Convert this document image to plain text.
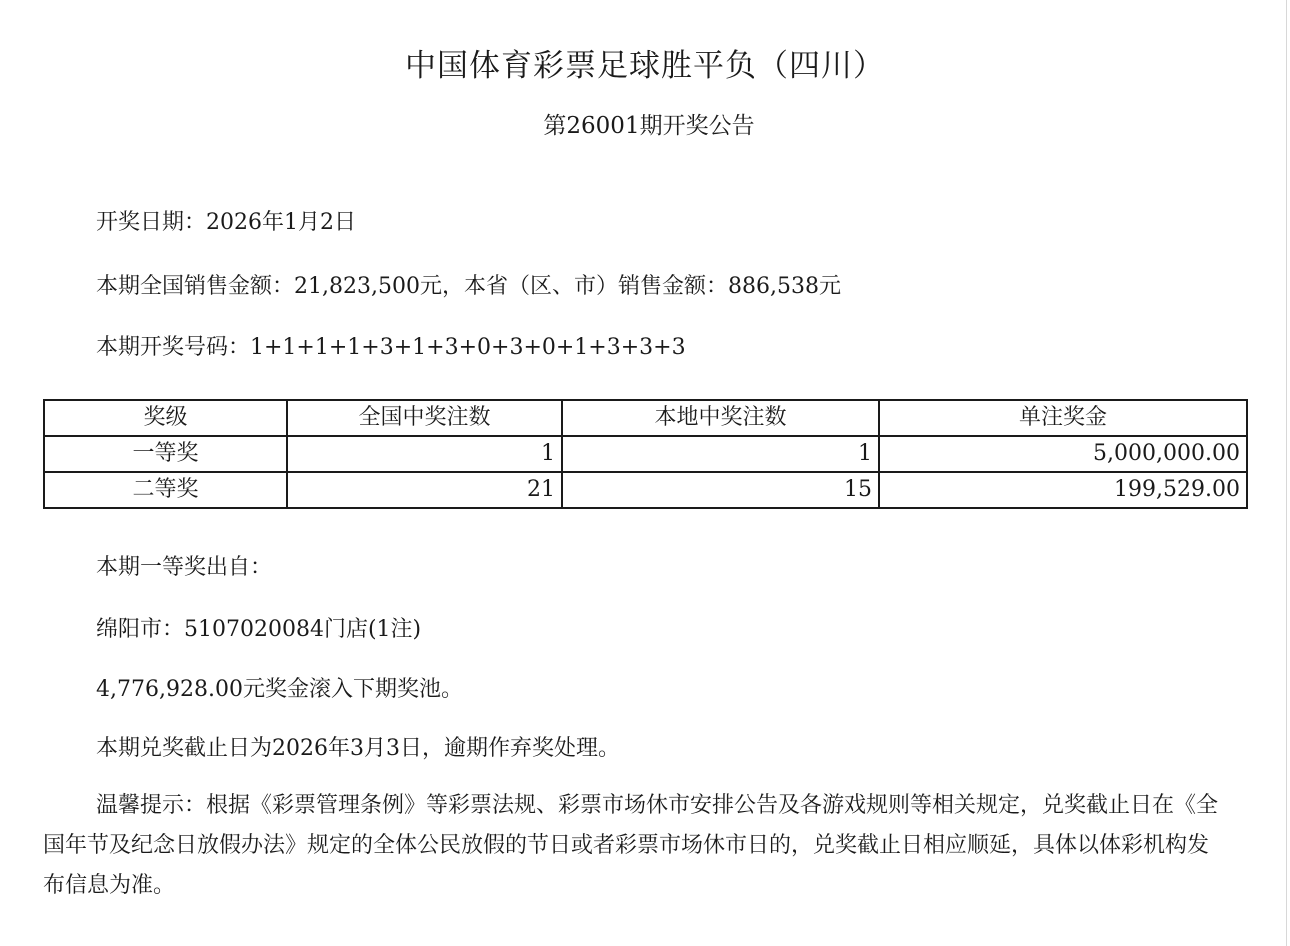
中国体育彩票足球胜平负（四川）
第26001期开奖公告
开奖日期：2026年1月2日
本期全国销售金额：21,823,500元，本省（区、市）销售金额：886,538元
本期开奖号码：1+1+1+1+3+1+3+0+3+0+1+3+3+3
奖级	全国中奖注数	本地中奖注数	单注奖金
一等奖	1	1	5,000,000.00
二等奖	21	15	199,529.00
本期一等奖出自：
绵阳市：5107020084门店(1注)
4,776,928.00元奖金滚入下期奖池。
本期兑奖截止日为2026年3月3日，逾期作弃奖处理。
温馨提示：根据《彩票管理条例》等彩票法规、彩票市场休市安排公告及各游戏规则等相关规定，兑奖截止日在《全国年节及纪念日放假办法》规定的全体公民放假的节日或者彩票市场休市日的，兑奖截止日相应顺延，具体以体彩机构发布信息为准。
